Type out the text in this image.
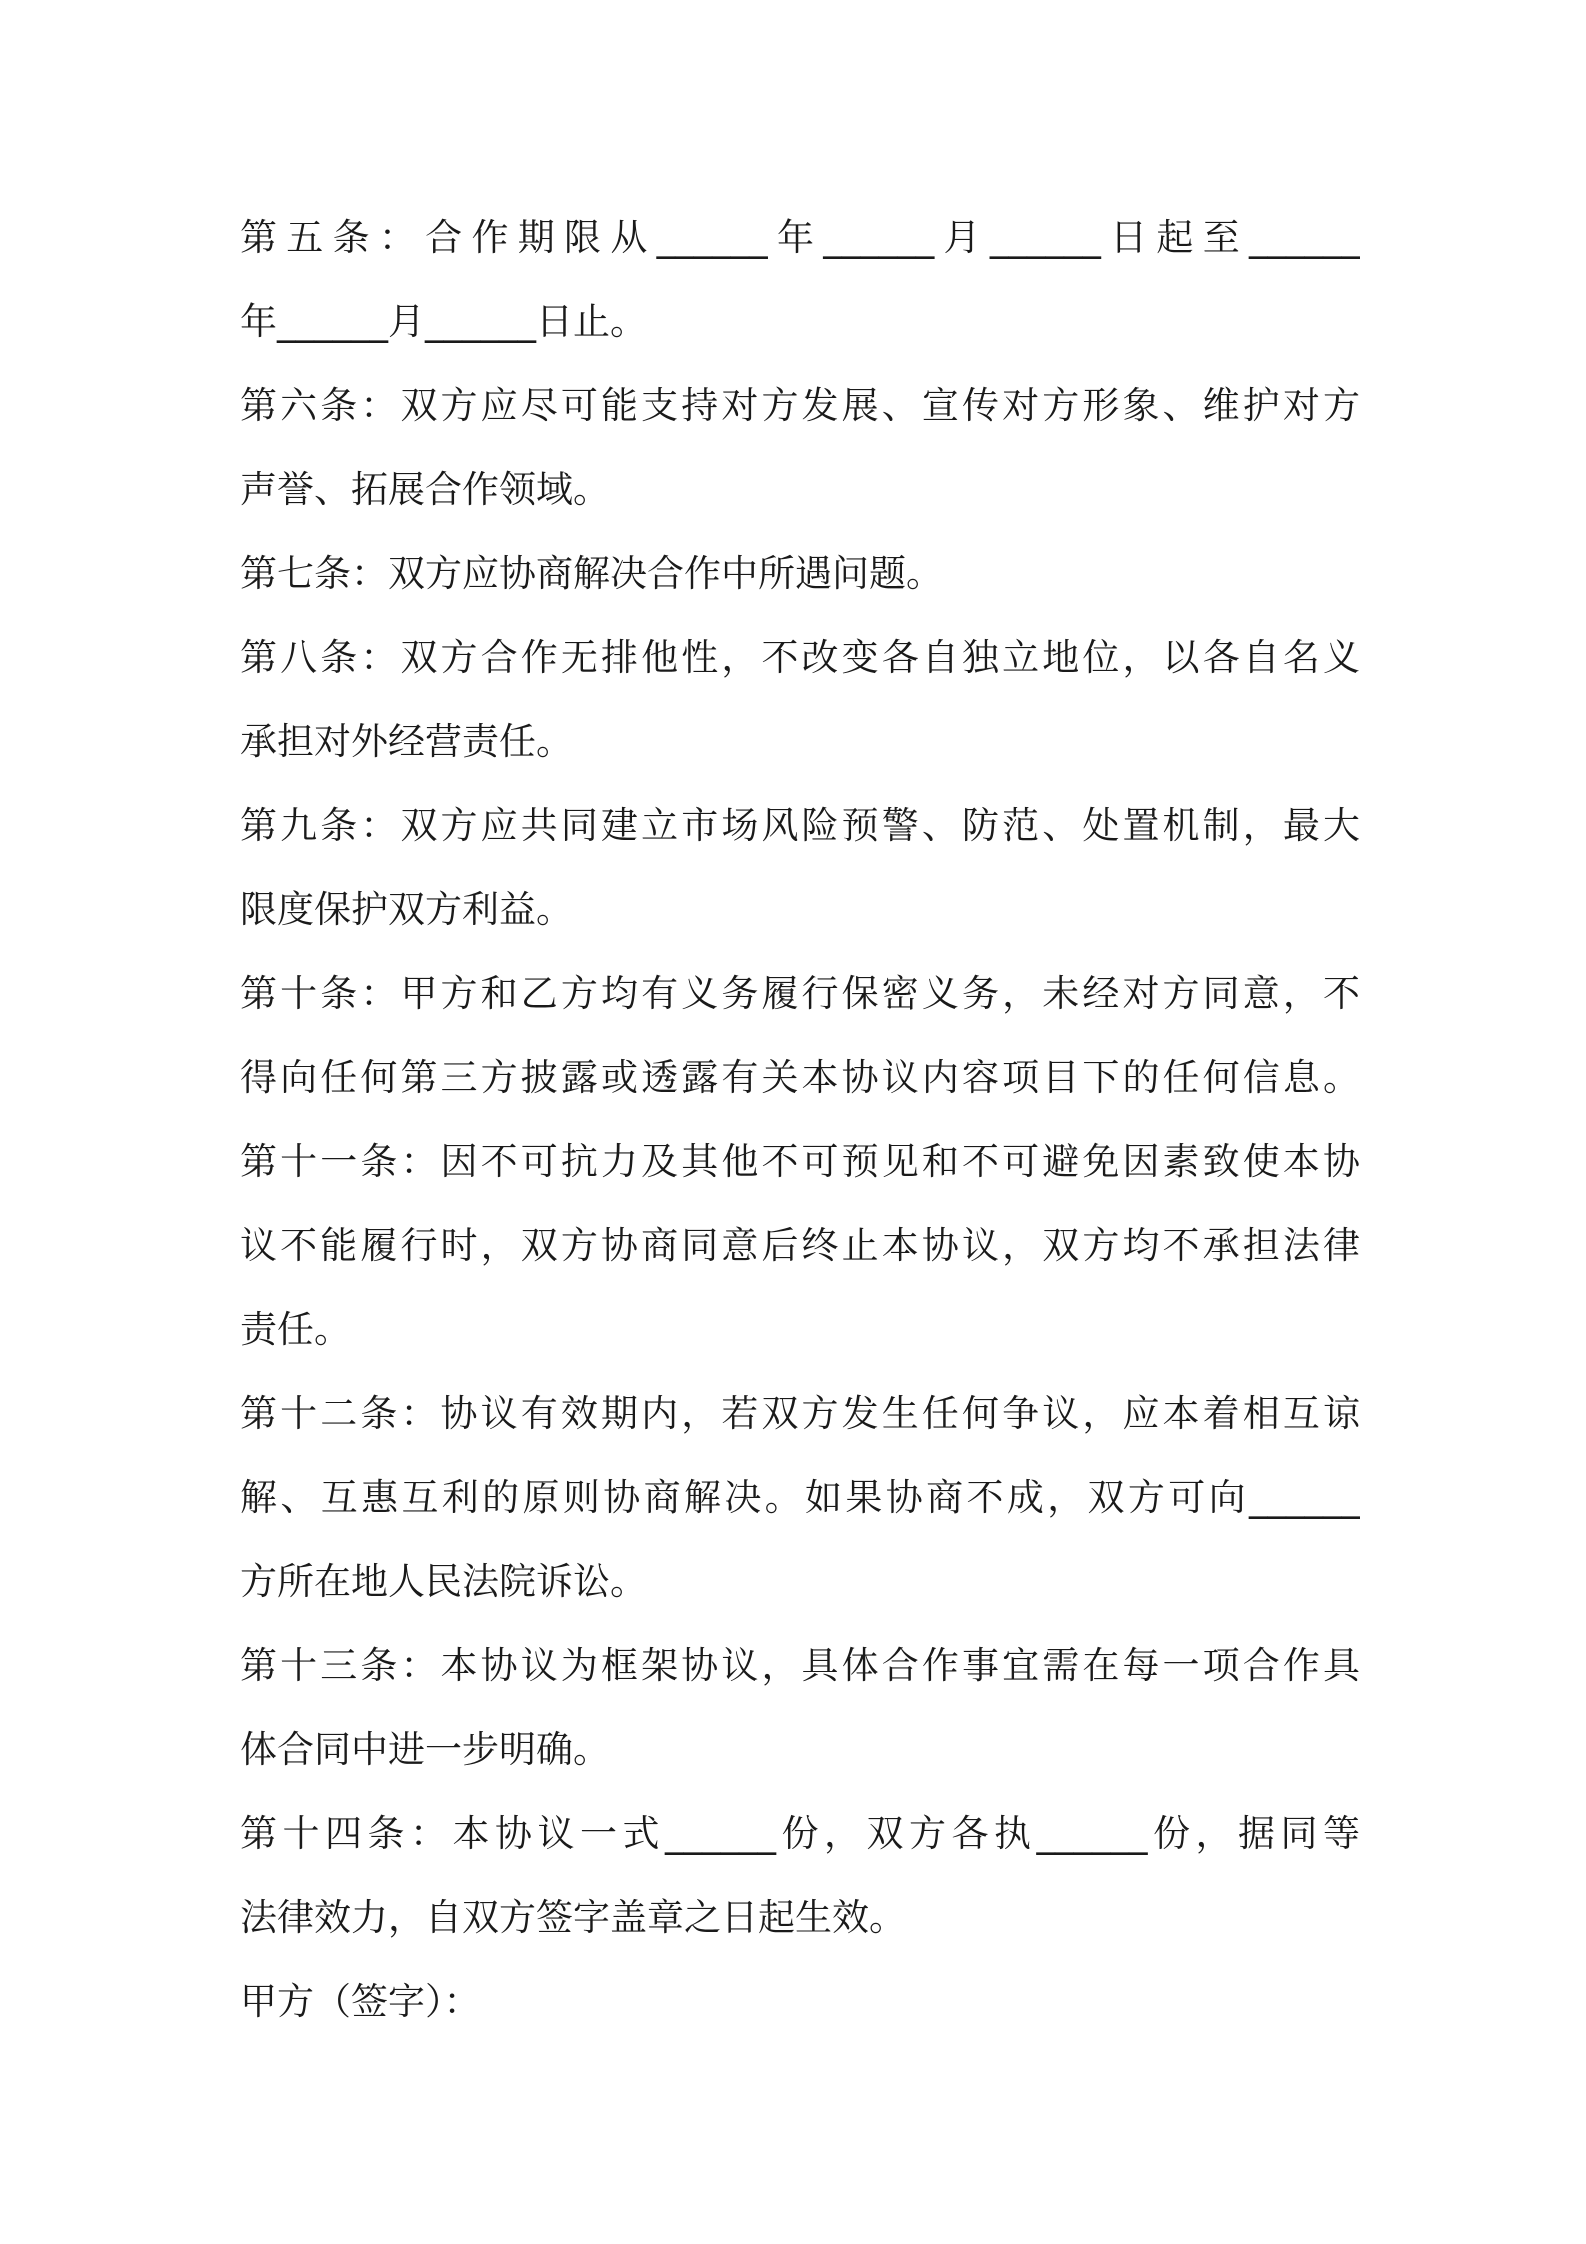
第五条：合作期限从______年______月______日起至______
年______月______日止。
第六条：双方应尽可能支持对方发展、宣传对方形象、维护对方
声誉、拓展合作领域。
第七条：双方应协商解决合作中所遇问题。
第八条：双方合作无排他性，不改变各自独立地位，以各自名义
承担对外经营责任。
第九条：双方应共同建立市场风险预警、防范、处置机制，最大
限度保护双方利益。
第十条：甲方和乙方均有义务履行保密义务，未经对方同意，不
得向任何第三方披露或透露有关本协议内容项目下的任何信息。
第十一条：因不可抗力及其他不可预见和不可避免因素致使本协
议不能履行时，双方协商同意后终止本协议，双方均不承担法律
责任。
第十二条：协议有效期内，若双方发生任何争议，应本着相互谅
解、互惠互利的原则协商解决。如果协商不成，双方可向______
方所在地人民法院诉讼。
第十三条：本协议为框架协议，具体合作事宜需在每一项合作具
体合同中进一步明确。
第十四条：本协议一式______份，双方各执______份，据同等
法律效力，自双方签字盖章之日起生效。
甲方（签字）：
